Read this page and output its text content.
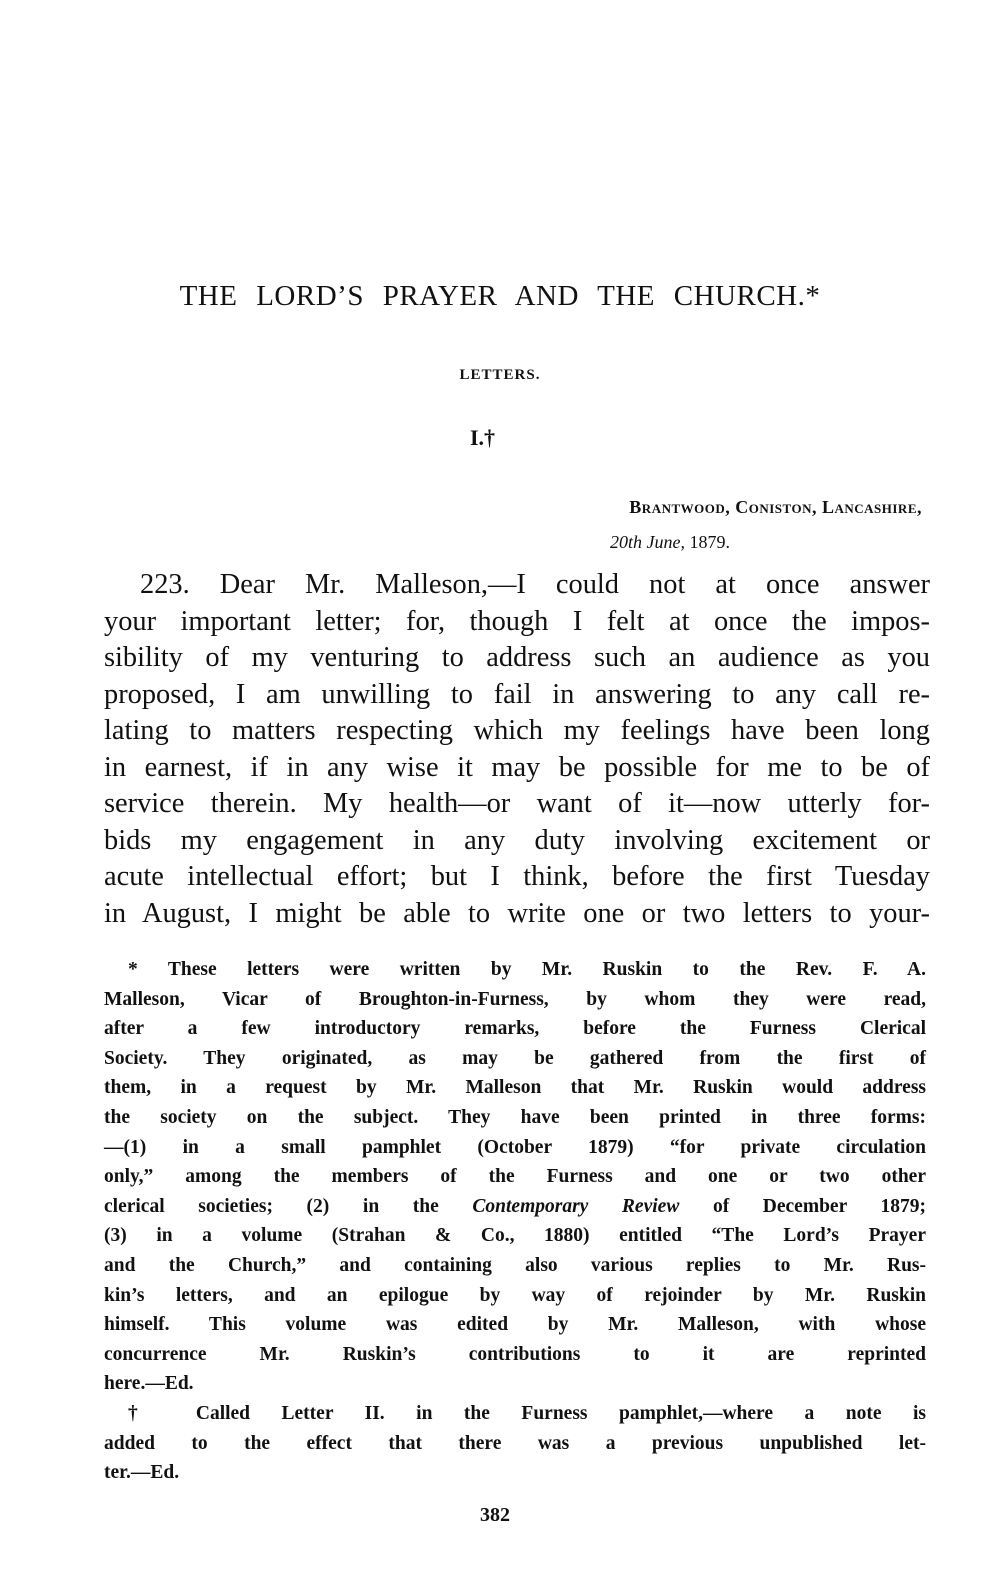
THE LORD’S PRAYER AND THE CHURCH.*
LETTERS.
I.†
Brantwood, Coniston, Lancashire,
20th June, 1879.
223. Dear Mr. Malleson,—I could not at once answer
your important letter; for, though I felt at once the impos-
sibility of my venturing to address such an audience as you
proposed, I am unwilling to fail in answering to any call re-
lating to matters respecting which my feelings have been long
in earnest, if in any wise it may be possible for me to be of
service therein. My health—or want of it—now utterly for-
bids my engagement in any duty involving excitement or
acute intellectual effort; but I think, before the first Tuesday
in August, I might be able to write one or two letters to your-
* These letters were written by Mr. Ruskin to the Rev. F. A.
Malleson, Vicar of Broughton-in-Furness, by whom they were read,
after a few introductory remarks, before the Furness Clerical
Society. They originated, as may be gathered from the first of
them, in a request by Mr. Malleson that Mr. Ruskin would address
the society on the subject. They have been printed in three forms:
—(1) in a small pamphlet (October 1879) “for private circulation
only,” among the members of the Furness and one or two other
clerical societies; (2) in the Contemporary Review of December 1879;
(3) in a volume (Strahan & Co., 1880) entitled “The Lord’s Prayer
and the Church,” and containing also various replies to Mr. Rus-
kin’s letters, and an epilogue by way of rejoinder by Mr. Ruskin
himself. This volume was edited by Mr. Malleson, with whose
concurrence Mr. Ruskin’s contributions to it are reprinted
here.—Ed.
† Called Letter II. in the Furness pamphlet,—where a note is
added to the effect that there was a previous unpublished let-
ter.—Ed.
382
